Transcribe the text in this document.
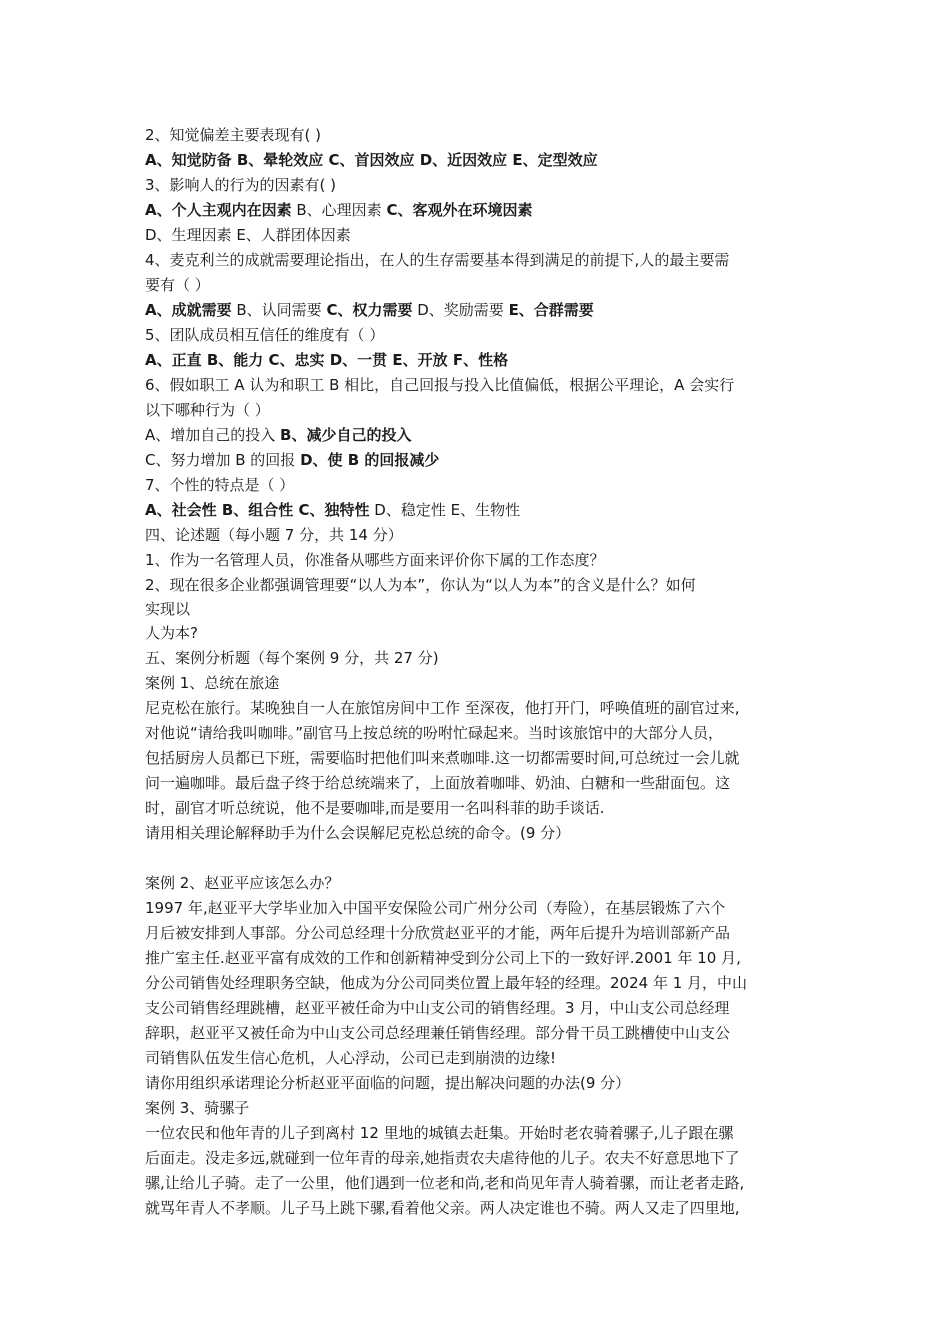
2、知觉偏差主要表现有( )
A、知觉防备 B、晕轮效应 C、首因效应 D、近因效应 E、定型效应
3、影响人的行为的因素有( )
A、个人主观内在因素 B、心理因素 C、客观外在环境因素
D、生理因素 E、人群团体因素
4、麦克利兰的成就需要理论指出，在人的生存需要基本得到满足的前提下,人的最主要需
要有（ ）
A、成就需要 B、认同需要 C、权力需要 D、奖励需要 E、合群需要
5、团队成员相互信任的维度有（ ）
A、正直 B、能力 C、忠实 D、一贯 E、开放 F、性格
6、假如职工 A 认为和职工 B 相比，自己回报与投入比值偏低，根据公平理论，A 会实行
以下哪种行为（ ）
A、增加自己的投入 B、减少自己的投入
C、努力增加 B 的回报 D、使 B 的回报减少
7、个性的特点是（ ）
A、社会性 B、组合性 C、独特性 D、稳定性 E、生物性
四、论述题（每小题 7 分，共 14 分）
1、作为一名管理人员，你准备从哪些方面来评价你下属的工作态度？
2、现在很多企业都强调管理要“以人为本”，你认为“以人为本”的含义是什么？如何
实现以
人为本?
五、案例分析题（每个案例 9 分，共 27 分)
案例 1、总统在旅途
尼克松在旅行。某晚独自一人在旅馆房间中工作 至深夜，他打开门，呼唤值班的副官过来,
对他说“请给我叫咖啡。”副官马上按总统的吩咐忙碌起来。当时该旅馆中的大部分人员，
包括厨房人员都已下班，需要临时把他们叫来煮咖啡.这一切都需要时间,可总统过一会儿就
问一遍咖啡。最后盘子终于给总统端来了，上面放着咖啡、奶油、白糖和一些甜面包。这
时，副官才听总统说，他不是要咖啡,而是要用一名叫科菲的助手谈话.
请用相关理论解释助手为什么会误解尼克松总统的命令。(9 分）
案例 2、赵亚平应该怎么办？
1997 年,赵亚平大学毕业加入中国平安保险公司广州分公司（寿险），在基层锻炼了六个
月后被安排到人事部。分公司总经理十分欣赏赵亚平的才能，两年后提升为培训部新产品
推广室主任.赵亚平富有成效的工作和创新精神受到分公司上下的一致好评.2001 年 10 月,
分公司销售处经理职务空缺，他成为分公司同类位置上最年轻的经理。2024 年 1 月，中山
支公司销售经理跳槽，赵亚平被任命为中山支公司的销售经理。3 月，中山支公司总经理
辞职，赵亚平又被任命为中山支公司总经理兼任销售经理。部分骨干员工跳槽使中山支公
司销售队伍发生信心危机，人心浮动，公司已走到崩溃的边缘!
请你用组织承诺理论分析赵亚平面临的问题，提出解决问题的办法(9 分）
案例 3、骑骡子
一位农民和他年青的儿子到离村 12 里地的城镇去赶集。开始时老农骑着骡子,儿子跟在骡
后面走。没走多远,就碰到一位年青的母亲,她指责农夫虐待他的儿子。农夫不好意思地下了
骡,让给儿子骑。走了一公里，他们遇到一位老和尚,老和尚见年青人骑着骡，而让老者走路,
就骂年青人不孝顺。儿子马上跳下骡,看着他父亲。两人决定谁也不骑。两人又走了四里地,
